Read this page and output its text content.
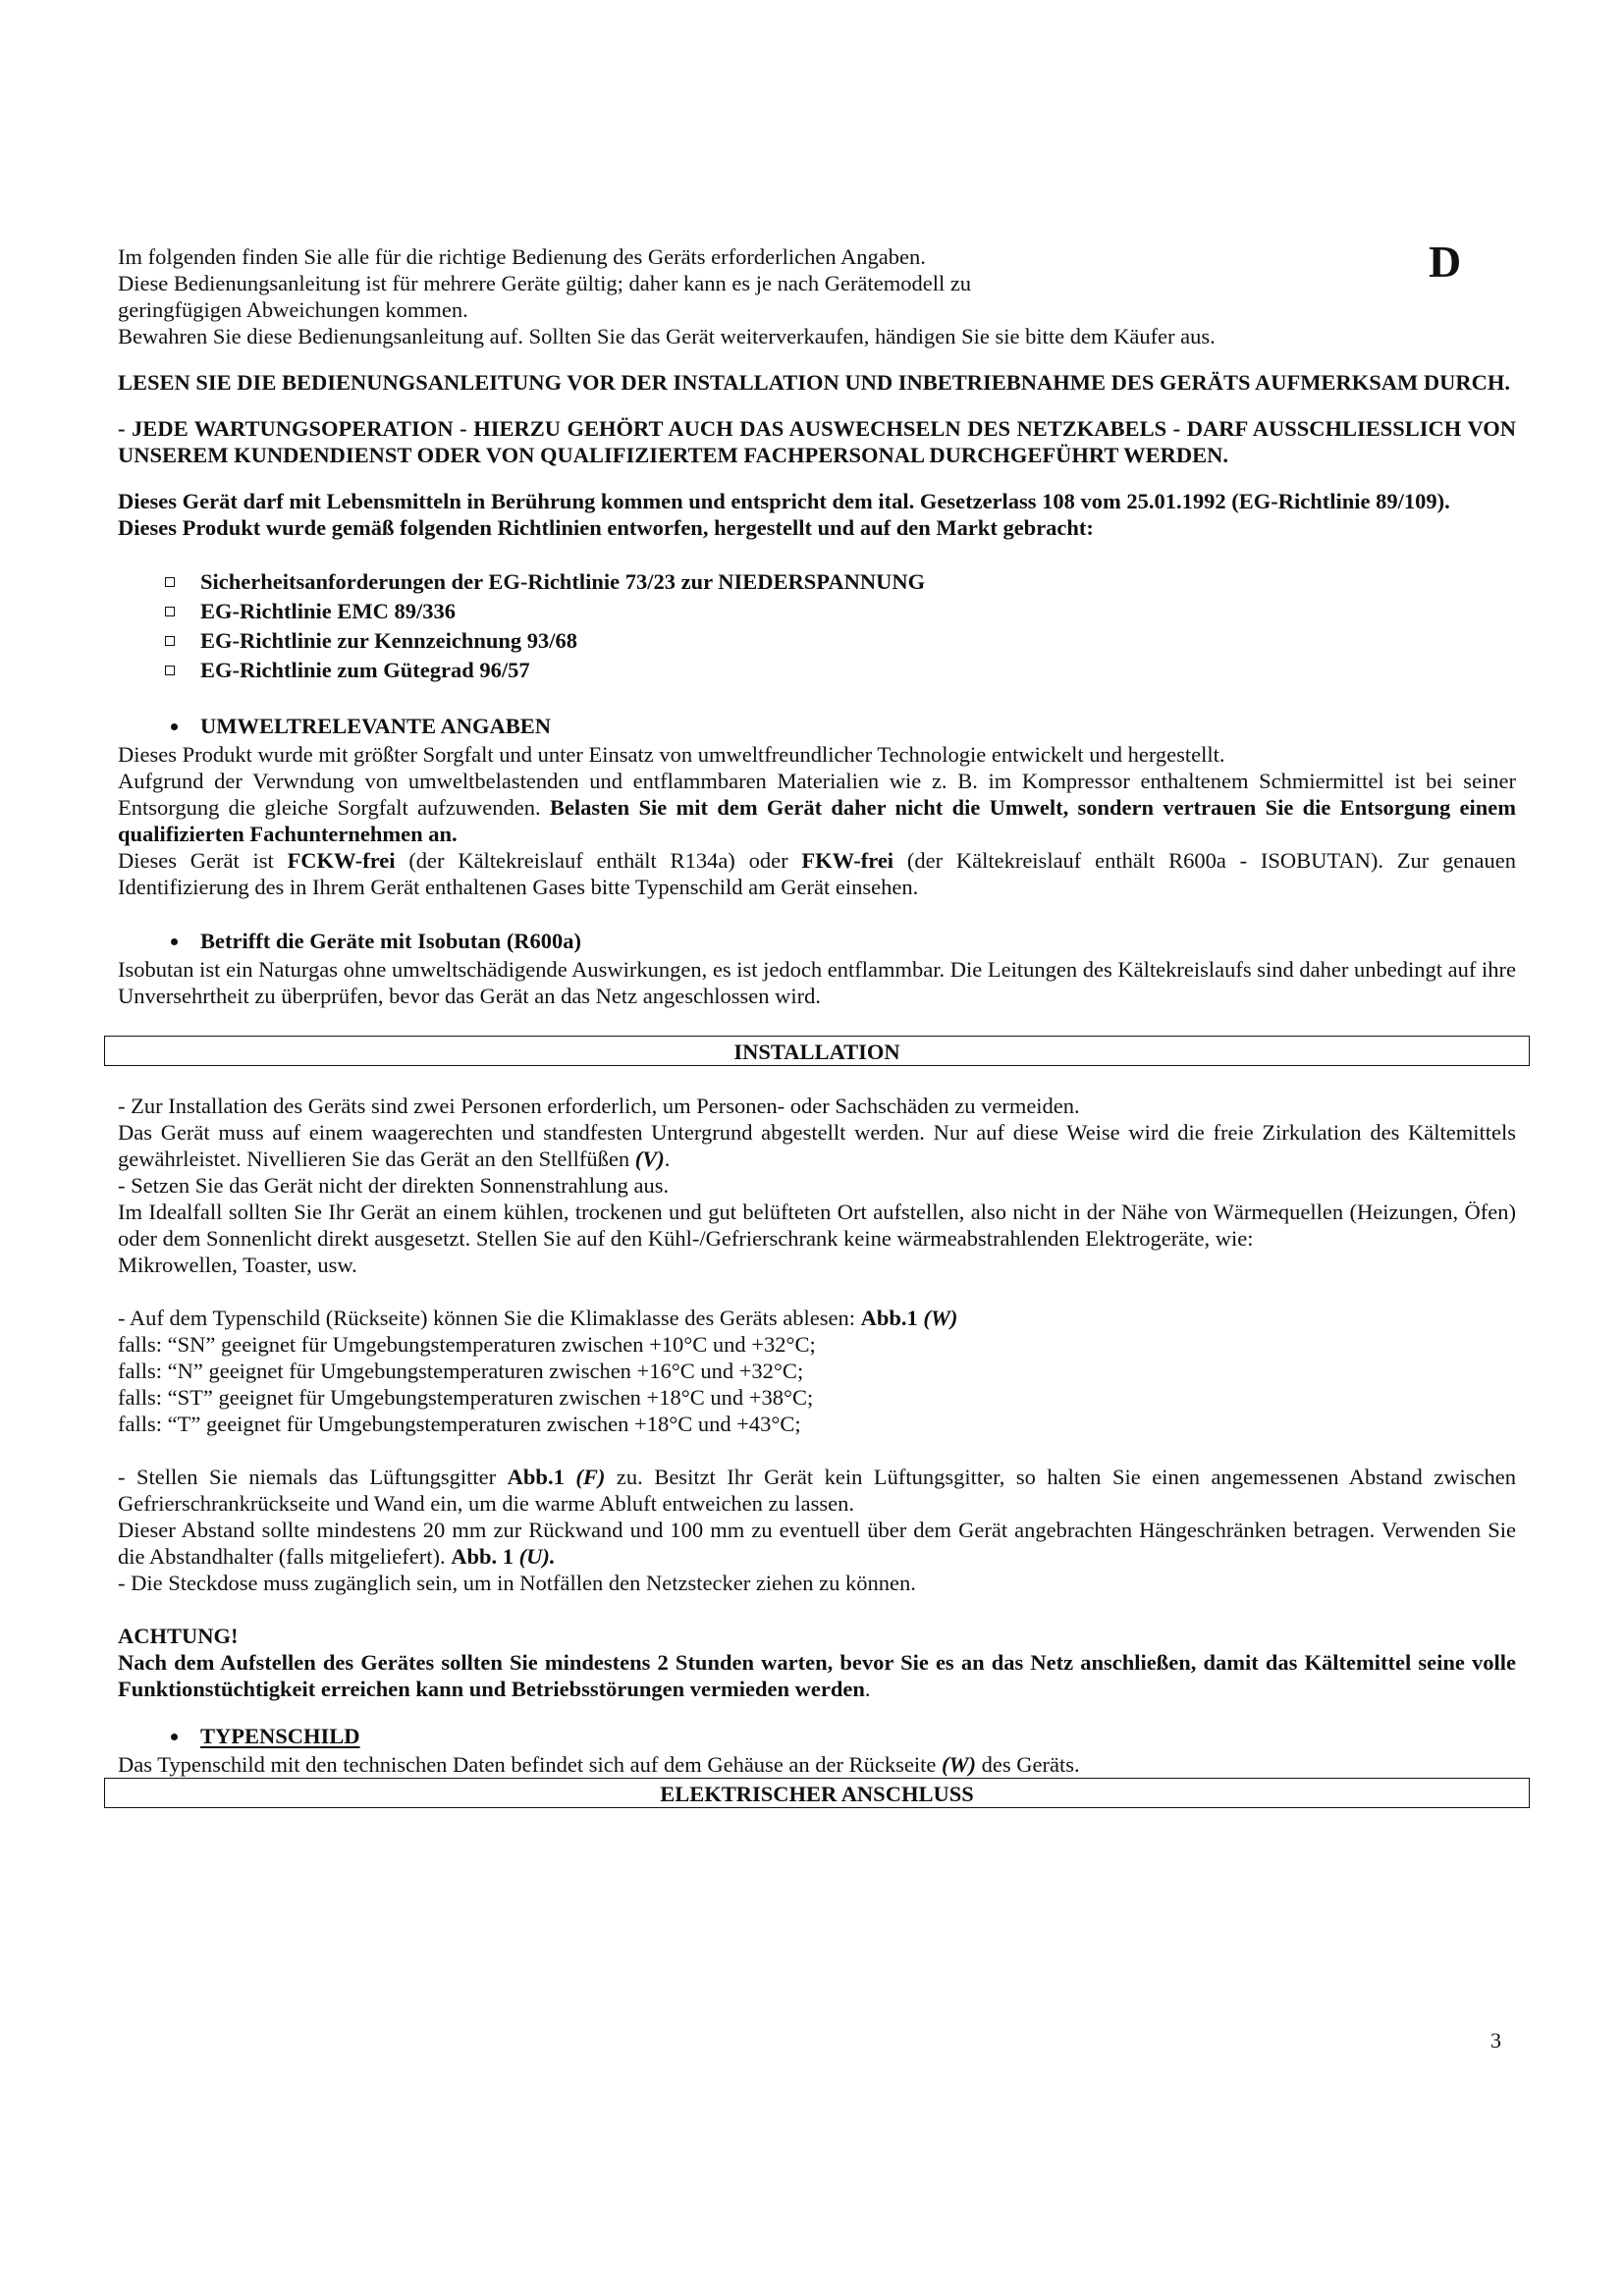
D
Im folgenden finden Sie alle für die richtige Bedienung des Geräts erforderlichen Angaben.
Diese Bedienungsanleitung ist für mehrere Geräte gültig; daher kann es je nach Gerätemodell zu
geringfügigen Abweichungen kommen.
Bewahren Sie diese Bedienungsanleitung auf. Sollten Sie das Gerät weiterverkaufen, händigen Sie sie bitte dem Käufer aus.

LESEN SIE DIE BEDIENUNGSANLEITUNG VOR DER INSTALLATION UND INBETRIEBNAHME DES GERÄTS AUFMERKSAM DURCH.

- JEDE WARTUNGSOPERATION - HIERZU GEHÖRT AUCH DAS AUSWECHSELN DES NETZKABELS - DARF AUSSCHLIESSLICH VON UNSEREM KUNDENDIENST ODER VON QUALIFIZIERTEM FACHPERSONAL DURCHGEFÜHRT WERDEN.

Dieses Gerät darf mit Lebensmitteln in Berührung kommen und entspricht dem ital. Gesetzerlass 108 vom 25.01.1992 (EG-Richtlinie 89/109).

Dieses Produkt wurde gemäß folgenden Richtlinien entworfen, hergestellt und auf den Markt gebracht:

Sicherheitsanforderungen der EG-Richtlinie 73/23 zur NIEDERSPANNUNG
EG-Richtlinie EMC 89/336
EG-Richtlinie zur Kennzeichnung 93/68
EG-Richtlinie zum Gütegrad 96/57
UMWELTRELEVANTE ANGABEN

Dieses Produkt wurde mit größter Sorgfalt und unter Einsatz von umweltfreundlicher Technologie entwickelt und hergestellt.

Aufgrund der Verwndung von umweltbelastenden und entflammbaren Materialien wie z. B. im Kompressor enthaltenem Schmiermittel ist bei seiner Entsorgung die gleiche Sorgfalt aufzuwenden. Belasten Sie mit dem Gerät daher nicht die Umwelt, sondern vertrauen Sie die Entsorgung einem qualifizierten Fachunternehmen an.

Dieses Gerät ist FCKW-frei (der Kältekreislauf enthält R134a) oder FKW-frei (der Kältekreislauf enthält R600a - ISOBUTAN). Zur genauen Identifizierung des in Ihrem Gerät enthaltenen Gases bitte Typenschild am Gerät einsehen.

Betrifft die Geräte mit Isobutan (R600a)

Isobutan ist ein Naturgas ohne umweltschädigende Auswirkungen, es ist jedoch entflammbar. Die Leitungen des Kältekreislaufs sind daher unbedingt auf ihre Unversehrtheit zu überprüfen, bevor das Gerät an das Netz angeschlossen wird.

INSTALLATION

- Zur Installation des Geräts sind zwei Personen erforderlich, um Personen- oder Sachschäden zu vermeiden.

Das Gerät muss auf einem waagerechten und standfesten Untergrund abgestellt werden. Nur auf diese Weise wird die freie Zirkulation des Kältemittels gewährleistet. Nivellieren Sie das Gerät an den Stellfüßen (V).

- Setzen Sie das Gerät nicht der direkten Sonnenstrahlung aus.

Im Idealfall sollten Sie Ihr Gerät an einem kühlen, trockenen und gut belüfteten Ort aufstellen, also nicht in der Nähe von Wärmequellen (Heizungen, Öfen) oder dem Sonnenlicht direkt ausgesetzt. Stellen Sie auf den Kühl-/Gefrierschrank keine wärmeabstrahlenden Elektrogeräte, wie:

Mikrowellen, Toaster, usw.

- Auf dem Typenschild (Rückseite) können Sie die Klimaklasse des Geräts ablesen: Abb.1 (W)

falls: “SN” geeignet für Umgebungstemperaturen zwischen +10°C und +32°C;

falls: “N” geeignet für Umgebungstemperaturen zwischen +16°C und +32°C;

falls: “ST” geeignet für Umgebungstemperaturen zwischen +18°C und +38°C;

falls: “T” geeignet für Umgebungstemperaturen zwischen +18°C und +43°C;

- Stellen Sie niemals das Lüftungsgitter Abb.1 (F) zu. Besitzt Ihr Gerät kein Lüftungsgitter, so halten Sie einen angemessenen Abstand zwischen Gefrierschrankrückseite und Wand ein, um die warme Abluft entweichen zu lassen.

Dieser Abstand sollte mindestens 20 mm zur Rückwand und 100 mm zu eventuell über dem Gerät angebrachten Hängeschränken betragen. Verwenden Sie die Abstandhalter (falls mitgeliefert). Abb. 1 (U).

- Die Steckdose muss zugänglich sein, um in Notfällen den Netzstecker ziehen zu können.

ACHTUNG!

Nach dem Aufstellen des Gerätes sollten Sie mindestens 2 Stunden warten, bevor Sie es an das Netz anschließen, damit das Kältemittel seine volle Funktionstüchtigkeit erreichen kann und Betriebsstörungen vermieden werden.

TYPENSCHILD

Das Typenschild mit den technischen Daten befindet sich auf dem Gehäuse an der Rückseite (W) des Geräts.

ELEKTRISCHER ANSCHLUSS
3
